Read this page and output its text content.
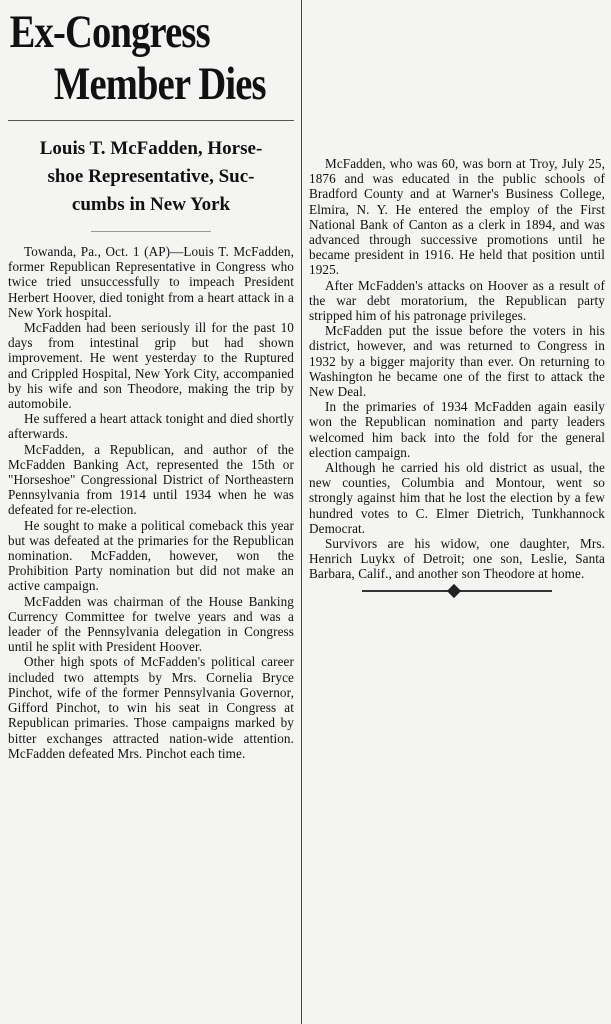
Ex-Congress
Member Dies
Louis T. McFadden, Horse-
shoe Representative, Suc-
cumbs in New York

Towanda, Pa., Oct. 1 (AP)—Louis T. McFadden, former Republican Representative in Congress who twice tried unsuccessfully to impeach President Herbert Hoover, died tonight from a heart attack in a New York hospital.

McFadden had been seriously ill for the past 10 days from intestinal grip but had shown improvement. He went yesterday to the Ruptured and Crippled Hospital, New York City, accompanied by his wife and son Theodore, making the trip by automobile.

He suffered a heart attack tonight and died shortly afterwards.

McFadden, a Republican, and author of the McFadden Banking Act, represented the 15th or "Horseshoe" Congressional District of Northeastern Pennsylvania from 1914 until 1934 when he was defeated for re-election.

He sought to make a political comeback this year but was defeated at the primaries for the Republican nomination. McFadden, however, won the Prohibition Party nomination but did not make an active campaign.

McFadden was chairman of the House Banking Currency Committee for twelve years and was a leader of the Pennsylvania delegation in Congress until he split with President Hoover.

Other high spots of McFadden's political career included two attempts by Mrs. Cornelia Bryce Pinchot, wife of the former Pennsylvania Governor, Gifford Pinchot, to win his seat in Congress at Republican primaries. Those campaigns marked by bitter exchanges attracted nation-wide attention. McFadden defeated Mrs. Pinchot each time.

McFadden, who was 60, was born at Troy, July 25, 1876 and was educated in the public schools of Bradford County and at Warner's Business College, Elmira, N. Y. He entered the employ of the First National Bank of Canton as a clerk in 1894, and was advanced through successive promotions until he became president in 1916. He held that position until 1925.

After McFadden's attacks on Hoover as a result of the war debt moratorium, the Republican party stripped him of his patronage privileges.

McFadden put the issue before the voters in his district, however, and was returned to Congress in 1932 by a bigger majority than ever. On returning to Washington he became one of the first to attack the New Deal.

In the primaries of 1934 McFadden again easily won the Republican nomination and party leaders welcomed him back into the fold for the general election campaign.

Although he carried his old district as usual, the new counties, Columbia and Montour, went so strongly against him that he lost the election by a few hundred votes to C. Elmer Dietrich, Tunkhannock Democrat.

Survivors are his widow, one daughter, Mrs. Henrich Luykx of Detroit; one son, Leslie, Santa Barbara, Calif., and another son Theodore at home.
